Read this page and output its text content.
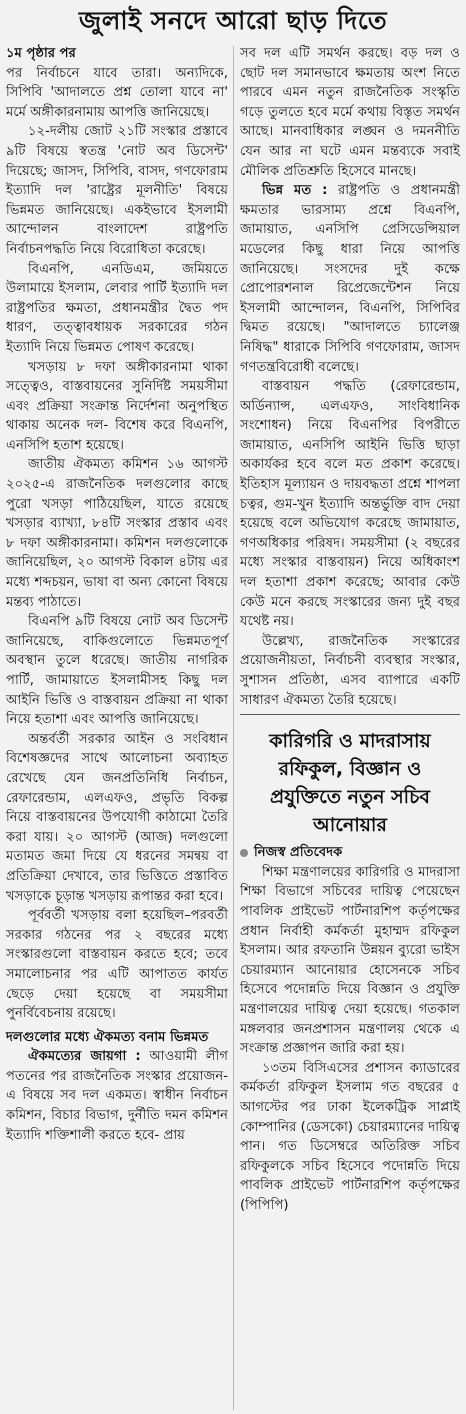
জুলাই সনদে আরো ছাড় দিতে

১ম পৃষ্ঠার পর

পর নির্বাচনে যাবে তারা। অন্যদিকে, সিপিবি 'আদালতে প্রশ্ন তোলা যাবে না' মর্মে অঙ্গীকারনামায় আপত্তি জানিয়েছে।

১২-দলীয় জোট ২১টি সংস্কার প্রস্তাবে ৯টি বিষয়ে স্বতন্ত্র 'নোট অব ডিসেন্ট' দিয়েছে; জাসদ, সিপিবি, বাসদ, গণফোরাম ইত্যাদি দল 'রাষ্ট্রের মূলনীতি' বিষয়ে ভিন্নমত জানিয়েছে। একইভাবে ইসলামী আন্দোলন বাংলাদেশ রাষ্ট্রপতি নির্বাচনপদ্ধতি নিয়ে বিরোধিতা করেছে।

বিএনপি, এনডিএম, জমিয়তে উলামায়ে ইসলাম, লেবার পার্টি ইত্যাদি দল রাষ্ট্রপতির ক্ষমতা, প্রধানমন্ত্রীর দ্বৈত পদ ধারণ, তত্ত্বাবধায়ক সরকারের গঠন ইত্যাদি নিয়ে ভিন্নমত পোষণ করেছে।

খসড়ায় ৮ দফা অঙ্গীকারনামা থাকা সত্ত্বেও, বাস্তবায়নের সুনির্দিষ্ট সময়সীমা এবং প্রক্রিয়া সংক্রান্ত নির্দেশনা অনুপস্থিত থাকায় অনেক দল- বিশেষ করে বিএনপি, এনসিপি হতাশ হয়েছে।

জাতীয় ঐকমত্য কমিশন ১৬ আগস্ট ২০২৫-এ রাজনৈতিক দলগুলোর কাছে পুরো খসড়া পাঠিয়েছিল, যাতে রয়েছে খসড়ার ব্যাখ্যা, ৮৪টি সংস্কার প্রস্তাব এবং ৮ দফা অঙ্গীকারনামা। কমিশন দলগুলোকে জানিয়েছিল, ২০ আগস্ট বিকাল ৪টায় এর মধ্যে শব্দচয়ন, ভাষা বা অন্য কোনো বিষয়ে মন্তব্য পাঠাতে।

বিএনপি ৯টি বিষয়ে নোট অব ডিসেন্ট জানিয়েছে, বাকিগুলোতে ভিন্নমতপূর্ণ অবস্থান তুলে ধরেছে। জাতীয় নাগরিক পার্টি, জামায়াতে ইসলামীসহ কিছু দল আইনি ভিত্তি ও বাস্তবায়ন প্রক্রিয়া না থাকা নিয়ে হতাশা এবং আপত্তি জানিয়েছে।

অন্তর্বর্তী সরকার আইন ও সংবিধান বিশেষজ্ঞদের সাথে আলোচনা অব্যাহত রেখেছে যেন জনপ্রতিনিধি নির্বাচন, রেফারেন্ডাম, এলএফও, প্রভৃতি বিকল্প নিয়ে বাস্তবায়নের উপযোগী কাঠামো তৈরি করা যায়। ২০ আগস্ট (আজ) দলগুলো মতামত জমা দিয়ে যে ধরনের সমন্বয় বা প্রতিক্রিয়া দেখাবে, তার ভিত্তিতে প্রস্তাবিত খসড়াকে চূড়ান্ত খসড়ায় রূপান্তর করা হবে।

পূর্ববর্তী খসড়ায় বলা হয়েছিল–পরবর্তী সরকার গঠনের পর ২ বছরের মধ্যে সংস্কারগুলো বাস্তবায়ন করতে হবে; তবে সমালোচনার পর এটি আপাতত কার্যত ছেড়ে দেয়া হয়েছে বা সময়সীমা পুনর্বিবেচনায় রয়েছে।

দলগুলোর মধ্যে ঐকমত্য বনাম ভিন্নমত

ঐকমত্যের জায়গা : আওয়ামী লীগ পতনের পর রাজনৈতিক সংস্কার প্রয়োজন- এ বিষয়ে সব দল একমত। স্বাধীন নির্বাচন কমিশন, বিচার বিভাগ, দুর্নীতি দমন কমিশন ইত্যাদি শক্তিশালী করতে হবে- প্রায়

সব দল এটি সমর্থন করছে। বড় দল ও ছোট দল সমানভাবে ক্ষমতায় অংশ নিতে পারবে এমন নতুন রাজনৈতিক সংস্কৃতি গড়ে তুলতে হবে মর্মে কথায় বিস্তৃত সমর্থন আছে। মানবাধিকার লঙ্ঘন ও দমননীতি যেন আর না ঘটে এমন মন্তব্যকে সবাই মৌলিক প্রতিশ্রুতি হিসেবে মানছে।

ভিন্ন মত : রাষ্ট্রপতি ও প্রধানমন্ত্রী ক্ষমতার ভারসাম্য প্রশ্নে বিএনপি, জামায়াত, এনসিপি প্রেসিডেন্সিয়াল মডেলের কিছু ধারা নিয়ে আপত্তি জানিয়েছে। সংসদের দুই কক্ষে প্রোপোরশনাল রিপ্রেজেন্টেশন নিয়ে ইসলামী আন্দোলন, বিএনপি, সিপিবির দ্বিমত রয়েছে। "আদালতে চ্যালেঞ্জ নিষিদ্ধ" ধারাকে সিপিবি গণফোরাম, জাসদ গণতন্ত্রবিরোধী বলেছে।

বাস্তবায়ন পদ্ধতি (রেফারেন্ডাম, অর্ডিন্যান্স, এলএফও, সাংবিধানিক সংশোধন) নিয়ে বিএনপির বিপরীতে জামায়াত, এনসিপি আইনি ভিত্তি ছাড়া অকার্যকর হবে বলে মত প্রকাশ করেছে। ইতিহাস মূল্যায়ন ও দায়বদ্ধতা প্রশ্নে শাপলা চত্বর, গুম-খুন ইত্যাদি অন্তর্ভুক্তি বাদ দেয়া হয়েছে বলে অভিযোগ করেছে জামায়াত, গণঅধিকার পরিষদ। সময়সীমা (২ বছরের মধ্যে সংস্কার বাস্তবায়ন) নিয়ে অধিকাংশ দল হতাশা প্রকাশ করেছে; আবার কেউ কেউ মনে করছে সংস্কারের জন্য দুই বছর যথেষ্ট নয়।

উল্লেখ্য, রাজনৈতিক সংস্কারের প্রয়োজনীয়তা, নির্বাচনী ব্যবস্থার সংস্কার, সুশাসন প্রতিষ্ঠা, এসব ব্যাপারে একটি সাধারণ ঐকমত্য তৈরি হয়েছে।

কারিগরি ও মাদরাসায় রফিকুল, বিজ্ঞান ও প্রযুক্তিতে নতুন সচিব আনোয়ার

নিজস্ব প্রতিবেদক

শিক্ষা মন্ত্রণালয়ের কারিগরি ও মাদরাসা শিক্ষা বিভাগে সচিবের দায়িত্ব পেয়েছেন পাবলিক প্রাইভেট পার্টনারশিপ কর্তৃপক্ষের প্রধান নির্বাহী কর্মকর্তা মুহাম্মদ রফিকুল ইসলাম। আর রফতানি উন্নয়ন ব্যুরো ভাইস চেয়ারম্যান আনোয়ার হোসেনকে সচিব হিসেবে পদোন্নতি দিয়ে বিজ্ঞান ও প্রযুক্তি মন্ত্রণালয়ের দায়িত্ব দেয়া হয়েছে। গতকাল মঙ্গলবার জনপ্রশাসন মন্ত্রণালয় থেকে এ সংক্রান্ত প্রজ্ঞাপন জারি করা হয়।

১৩তম বিসিএসের প্রশাসন ক্যাডারের কর্মকর্তা রফিকুল ইসলাম গত বছরের ৫ আগস্টের পর ঢাকা ইলেকট্রিক সাপ্লাই কোম্পানির (ডেসকো) চেয়ারম্যানের দায়িত্ব পান। গত ডিসেম্বরে অতিরিক্ত সচিব রফিকুলকে সচিব হিসেবে পদোন্নতি দিয়ে পাবলিক প্রাইভেট পার্টনারশিপ কর্তৃপক্ষের (পিপিপি)
